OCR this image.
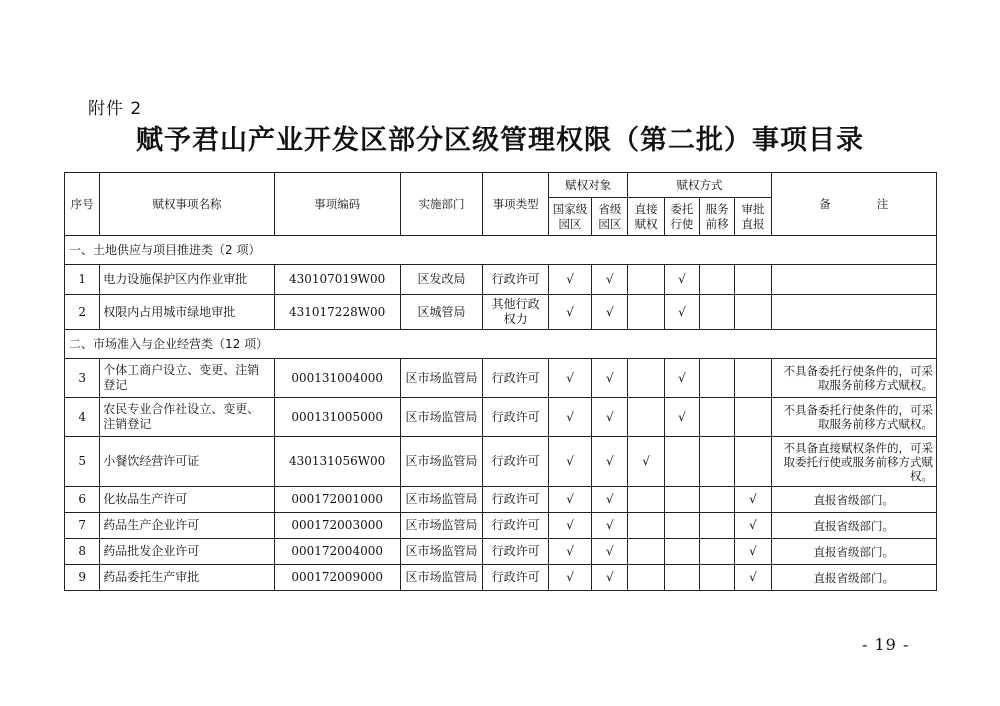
附件 2
赋予君山产业开发区部分区级管理权限（第二批）事项目录
序号	赋权事项名称	事项编码	实施部门	事项类型	赋权对象		赋权方式				备　　　　注
					国家级园区	省级园区	直接赋权	委托行使	服务前移	审批直报	
一、土地供应与项目推进类（2 项）											
1	电力设施保护区内作业审批	430107019W00	区发改局	行政许可	√	√		√			
2	权限内占用城市绿地审批	431017228W00	区城管局	其他行政权力	√	√		√			
二、市场准入与企业经营类（12 项）											
3	个体工商户设立、变更、注销登记	000131004000	区市场监管局	行政许可	√	√		√			不具备委托行使条件的，可采取服务前移方式赋权。
4	农民专业合作社设立、变更、注销登记	000131005000	区市场监管局	行政许可	√	√		√			不具备委托行使条件的，可采取服务前移方式赋权。
5	小餐饮经营许可证	430131056W00	区市场监管局	行政许可	√	√	√				不具备直接赋权条件的，可采取委托行使或服务前移方式赋权。
6	化妆品生产许可	000172001000	区市场监管局	行政许可	√	√				√	直报省级部门。
7	药品生产企业许可	000172003000	区市场监管局	行政许可	√	√				√	直报省级部门。
8	药品批发企业许可	000172004000	区市场监管局	行政许可	√	√				√	直报省级部门。
9	药品委托生产审批	000172009000	区市场监管局	行政许可	√	√				√	直报省级部门。
- 19 -
